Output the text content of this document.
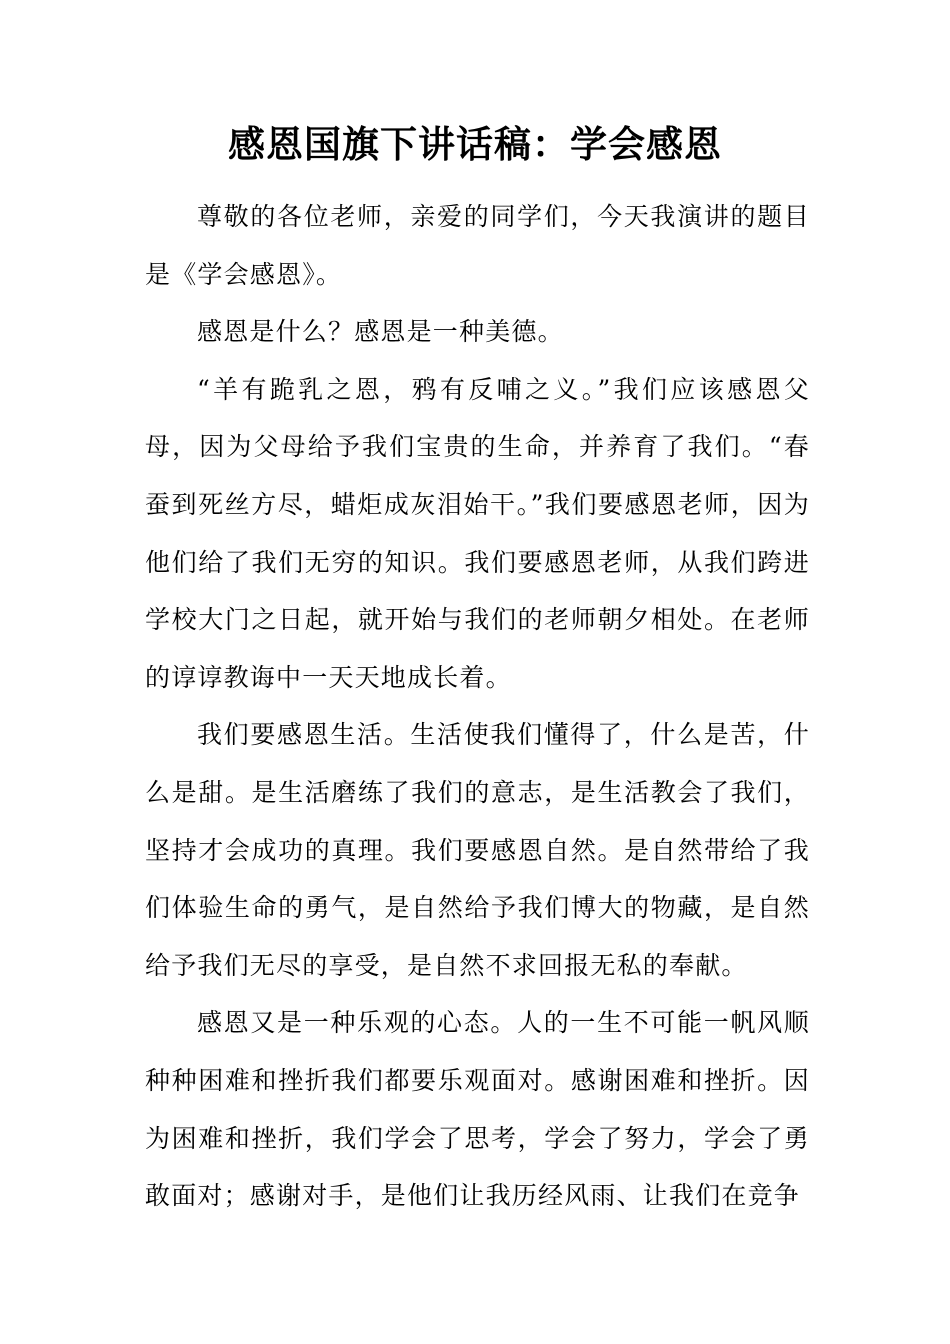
感恩国旗下讲话稿：学会感恩

尊敬的各位老师，亲爱的同学们，今天我演讲的题目是《学会感恩》。

感恩是什么？感恩是一种美德。

“羊有跪乳之恩，鸦有反哺之义。”我们应该感恩父母，因为父母给予我们宝贵的生命，并养育了我们。“春蚕到死丝方尽，蜡炬成灰泪始干。”我们要感恩老师，因为他们给了我们无穷的知识。我们要感恩老师，从我们跨进学校大门之日起，就开始与我们的老师朝夕相处。在老师的谆谆教诲中一天天地成长着。

我们要感恩生活。生活使我们懂得了，什么是苦，什么是甜。是生活磨练了我们的意志，是生活教会了我们，坚持才会成功的真理。我们要感恩自然。是自然带给了我们体验生命的勇气，是自然给予我们博大的物藏，是自然给予我们无尽的享受，是自然不求回报无私的奉献。

感恩又是一种乐观的心态。人的一生不可能一帆风顺种种困难和挫折我们都要乐观面对。感谢困难和挫折。因为困难和挫折，我们学会了思考，学会了努力，学会了勇敢面对；感谢对手，是他们让我历经风雨、让我们在竞争
